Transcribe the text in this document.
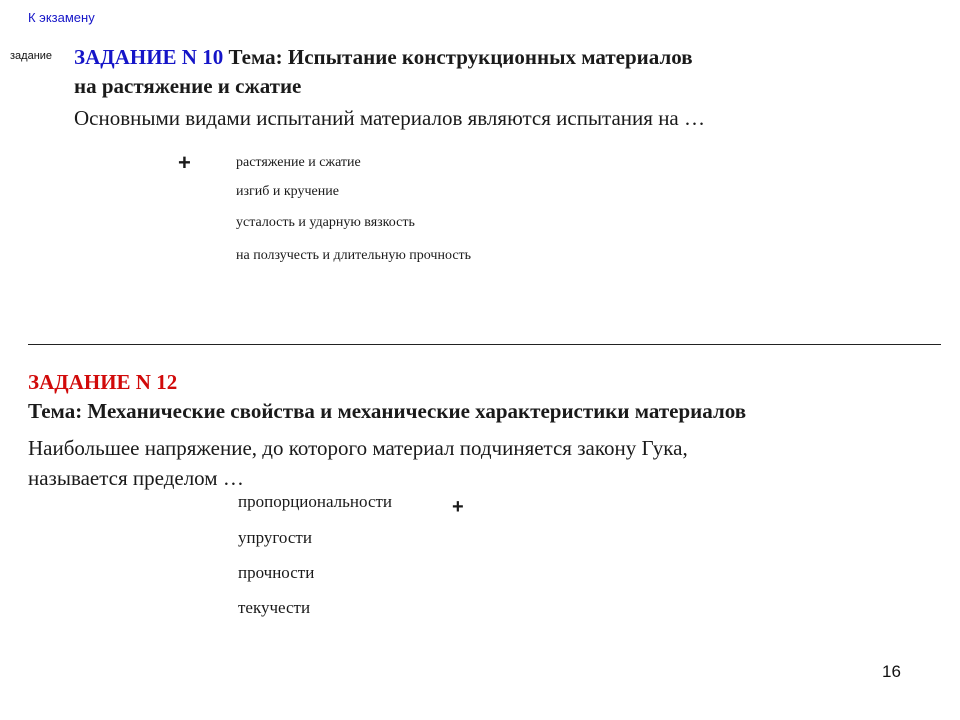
К экзамену
задание ЗАДАНИЕ N 10 Тема: Испытание конструкционных материалов
на растяжение и сжатие
Основными видами испытаний материалов являются испытания на …
+	растяжение и сжатие
изгиб и кручение
усталость и ударную вязкость
на ползучесть и длительную прочность
ЗАДАНИЕ N 12
Тема: Механические свойства и механические характеристики материалов
Наибольшее напряжение, до которого материал подчиняется закону Гука,
называется пределом …
пропорциональности	+
упругости
прочности
текучести
16
